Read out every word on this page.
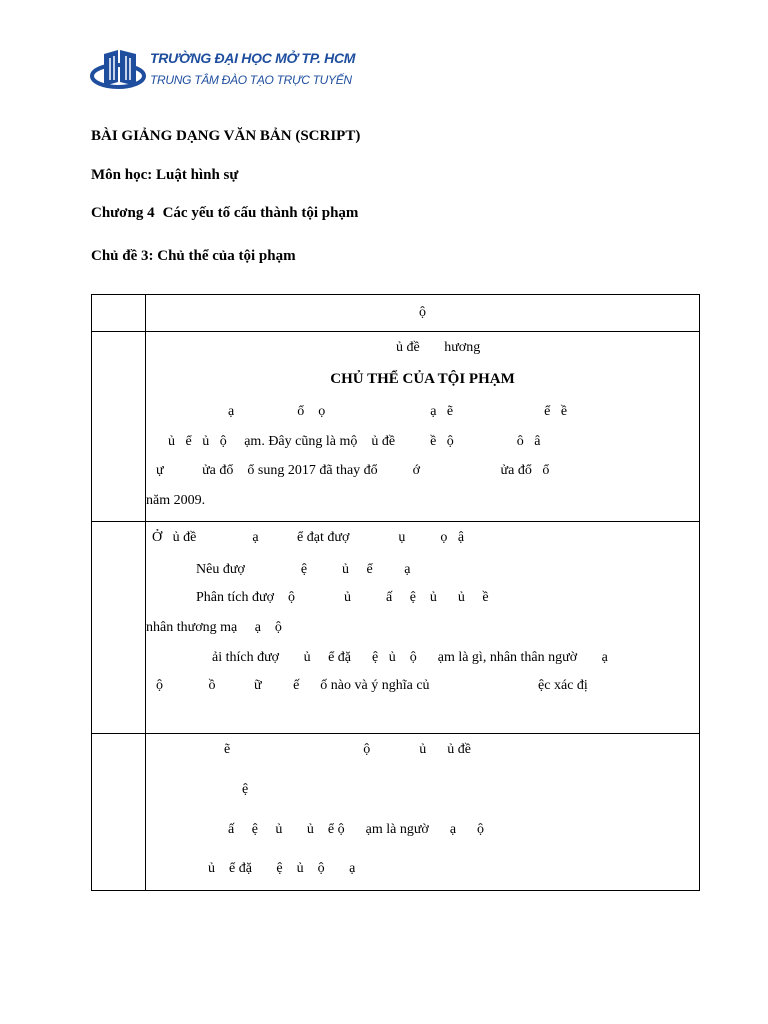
TRƯỜNG ĐẠI HỌC MỞ TP. HCM
TRUNG TÂM ĐÀO TẠO TRỰC TUYẾN
BÀI GIẢNG DẠNG VĂN BẢN (SCRIPT)
Môn học: Luật hình sự
Chương 4 Các yếu tố cấu thành tội phạm
Chủ đề 3: Chủ thể của tội phạm
ộ
ủ đề       hương
CHỦ THỂ CỦA TỘI PHẠM
ạ                  ổ    ọ                              ạ   ẽ                          ể   ề
ủ   ể   ủ   ộ     ạm. Đây cũng là mộ    ủ đề          ề   ộ                  ô   â
ự           ửa đổ    ổ sung 2017 đã thay đổ          ớ                       ửa đổ   ổ
năm 2009.
Ở   ủ đề                ạ           ể đạt đượ              ụ          ọ   ậ
Nêu đượ                ệ          ủ     ể         ạ
Phân tích đượ    ộ              ủ          ấ     ệ    ủ      ủ     ề
nhân thương mạ     ạ    ộ
ải thích đượ       ủ     ể đặ      ệ   ủ    ộ      ạm là gì, nhân thân ngườ       ạ
ộ             ồ           ữ         ế      ố nào và ý nghĩa củ                               ệc xác đị
ẽ                                      ộ              ủ      ủ đề
ệ
ấ     ệ     ủ       ủ    ể ộ      ạm là ngườ      ạ      ộ
ủ    ể đặ       ệ    ủ    ộ       ạ
